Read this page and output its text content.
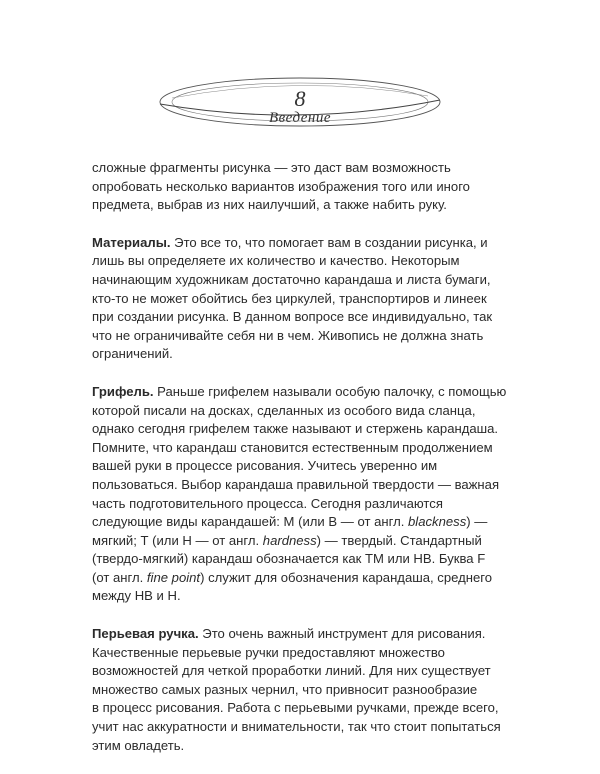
8
Введение

сложные фрагменты рисунка — это даст вам возможность
опробовать несколько вариантов изображения того или иного
предмета, выбрав из них наилучший, а также набить руку.

Материалы. Это все то, что помогает вам в создании рисунка, и
лишь вы определяете их количество и качество. Некоторым
начинающим художникам достаточно карандаша и листа бумаги,
кто-то не может обойтись без циркулей, транспортиров и линеек
при создании рисунка. В данном вопросе все индивидуально, так
что не ограничивайте себя ни в чем. Живопись не должна знать
ограничений.

Грифель. Раньше грифелем называли особую палочку, с помощью
которой писали на досках, сделанных из особого вида сланца,
однако сегодня грифелем также называют и стержень карандаша.
Помните, что карандаш становится естественным продолжением
вашей руки в процессе рисования. Учитесь уверенно им
пользоваться. Выбор карандаша правильной твердости — важная
часть подготовительного процесса. Сегодня различаются
следующие виды карандашей: М (или B — от англ. blackness) —
мягкий; Т (или H — от англ. hardness) — твердый. Стандартный
(твердо-мягкий) карандаш обозначается как ТМ или HB. Буква F
(от англ. fine point) служит для обозначения карандаша, среднего
между HB и H.

Перьевая ручка. Это очень важный инструмент для рисования.
Качественные перьевые ручки предоставляют множество
возможностей для четкой проработки линий. Для них существует
множество самых разных чернил, что привносит разнообразие
в процесс рисования. Работа с перьевыми ручками, прежде всего,
учит нас аккуратности и внимательности, так что стоит попытаться
этим овладеть.
